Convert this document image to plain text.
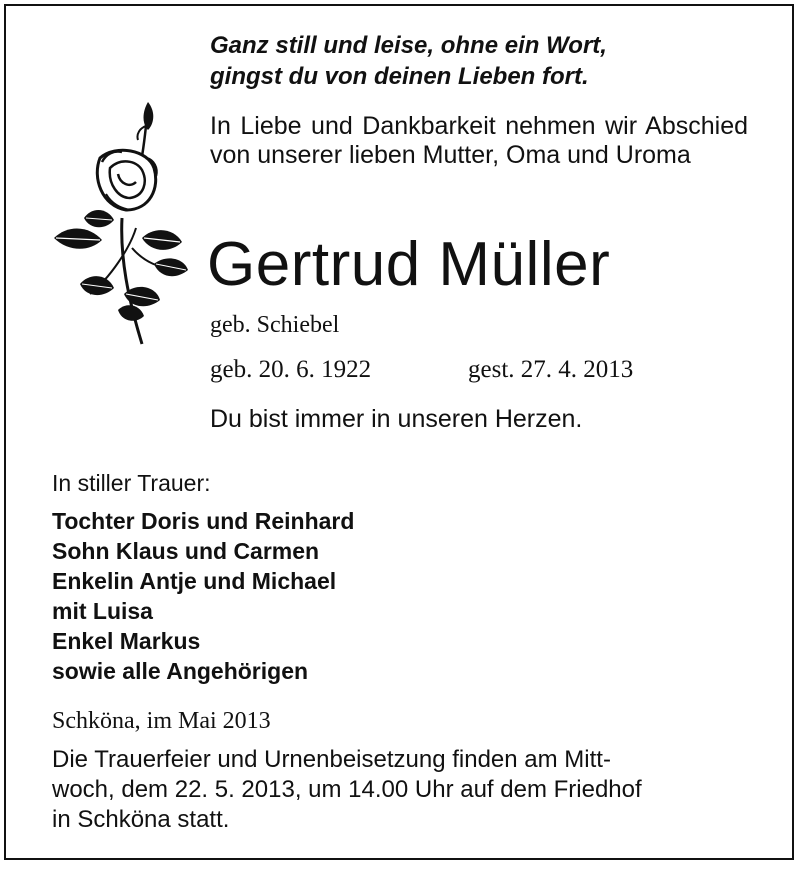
Ganz still und leise, ohne ein Wort,
gingst du von deinen Lieben fort.
In Liebe und Dankbarkeit nehmen wir Abschied von unserer lieben Mutter, Oma und Uroma
Gertrud Müller
geb. Schiebel
geb. 20. 6. 1922	gest. 27. 4. 2013
Du bist immer in unseren Herzen.
In stiller Trauer:
Tochter Doris und Reinhard
Sohn Klaus und Carmen
Enkelin Antje und Michael
mit Luisa
Enkel Markus
sowie alle Angehörigen
Schköna, im Mai 2013
Die Trauerfeier und Urnenbeisetzung finden am Mitt-
woch, dem 22. 5. 2013, um 14.00 Uhr auf dem Friedhof
in Schköna statt.
